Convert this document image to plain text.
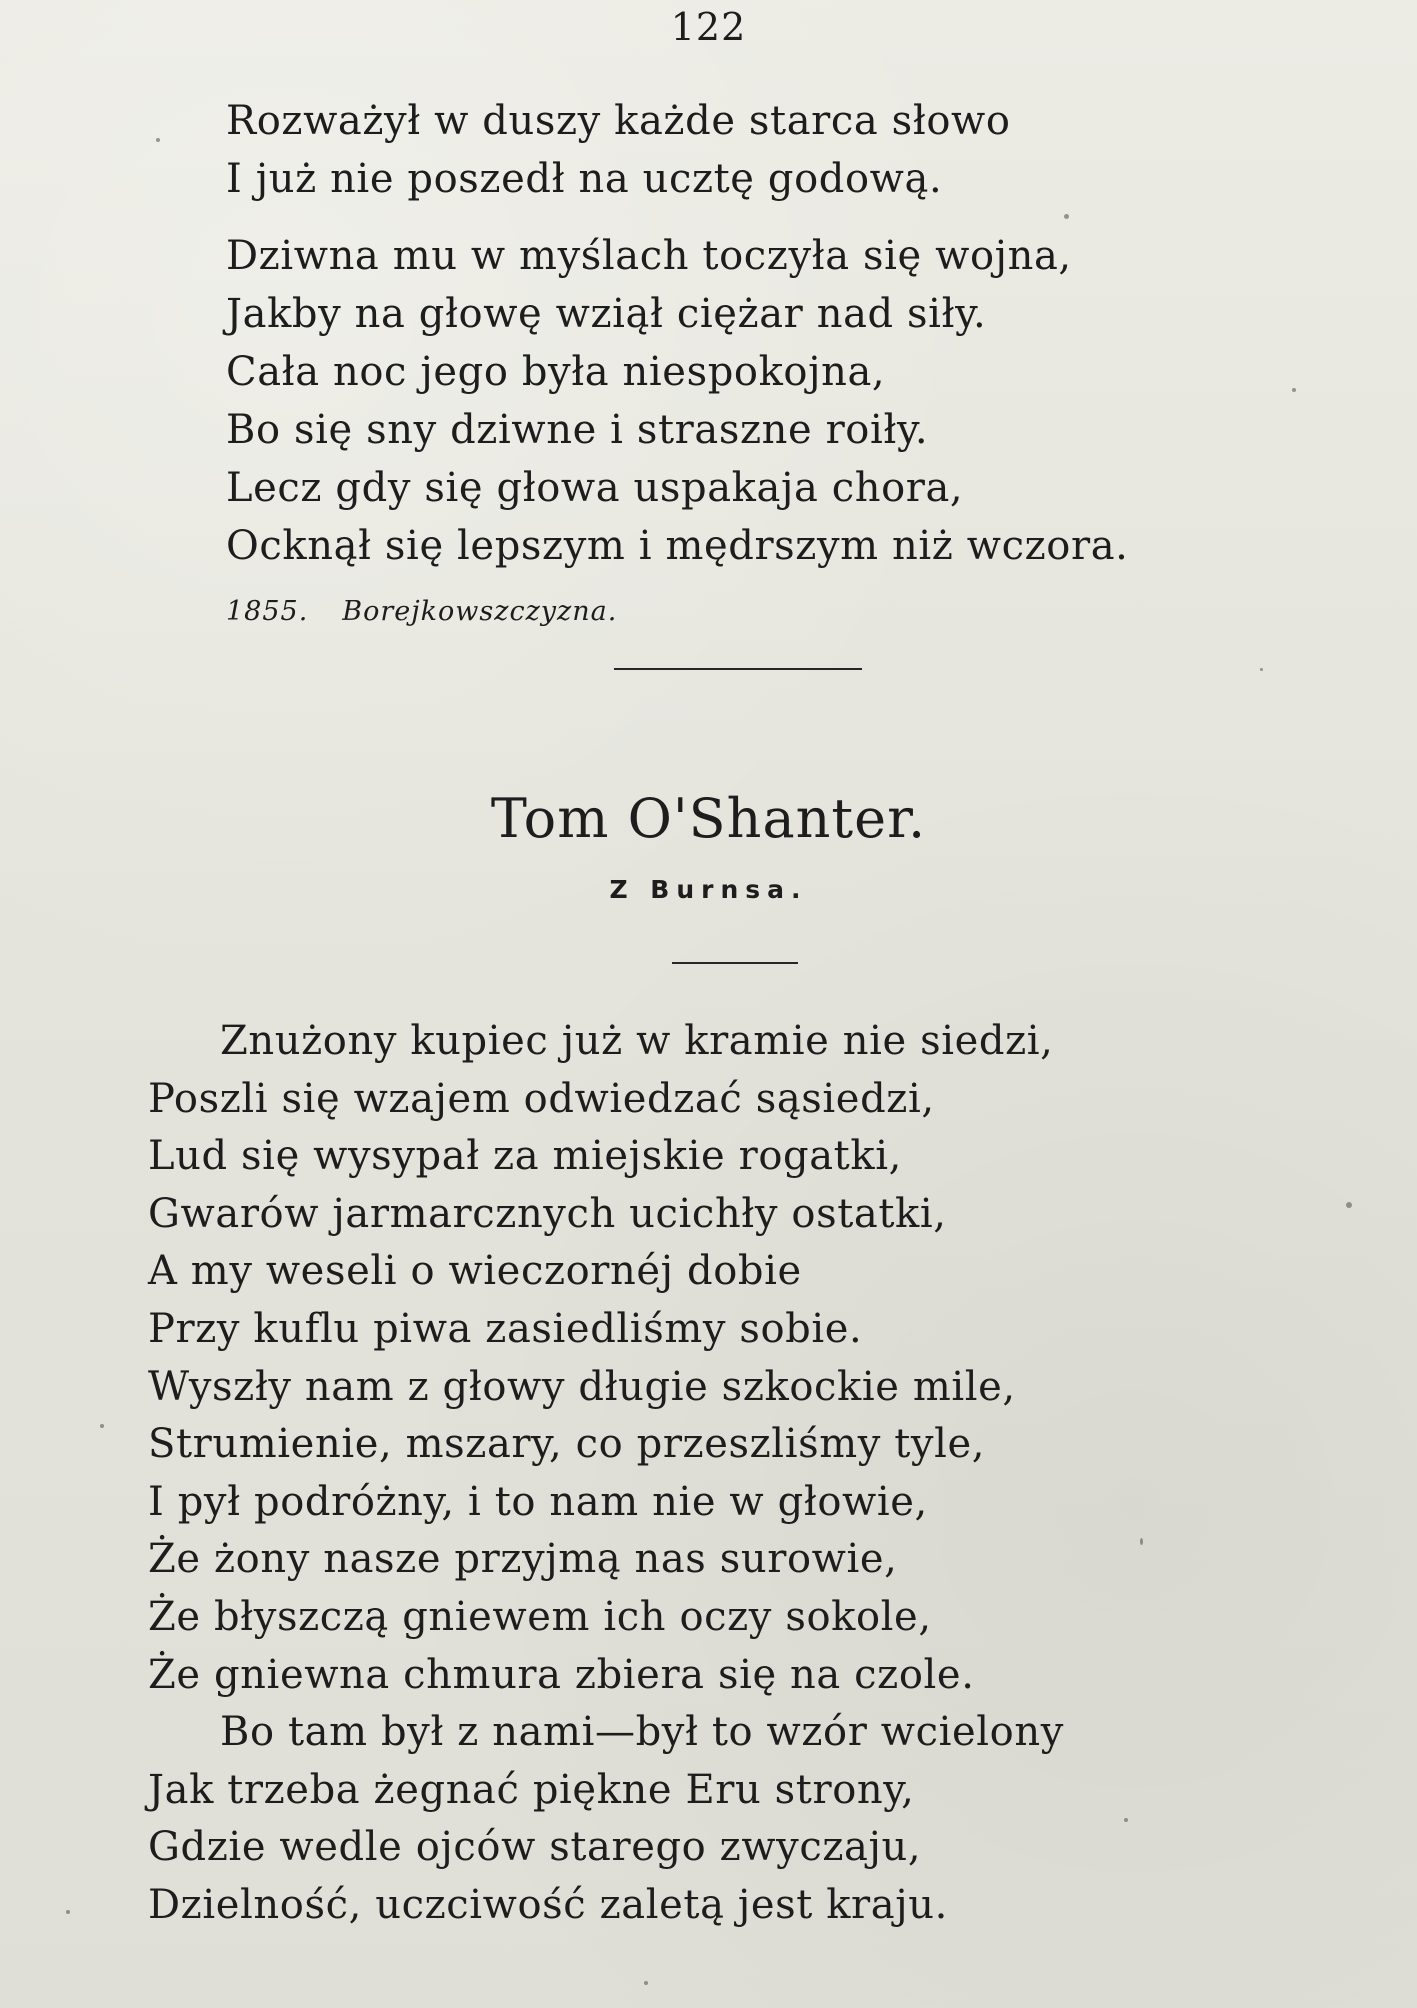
122
Rozważył w duszy każde starca słowo
I już nie poszedł na ucztę godową.
Dziwna mu w myślach toczyła się wojna,
Jakby na głowę wziął ciężar nad siły.
Cała noc jego była niespokojna,
Bo się sny dziwne i straszne roiły.
Lecz gdy się głowa uspakaja chora,
Ocknął się lepszym i mędrszym niż wczora.
1855. Borejkowszczyzna.
Tom O'Shanter.
Z Burnsa.
Znużony kupiec już w kramie nie siedzi,
Poszli się wzajem odwiedzać sąsiedzi,
Lud się wysypał za miejskie rogatki,
Gwarów jarmarcznych ucichły ostatki,
A my weseli o wieczornéj dobie
Przy kuflu piwa zasiedliśmy sobie.
Wyszły nam z głowy długie szkockie mile,
Strumienie, mszary, co przeszliśmy tyle,
I pył podróżny, i to nam nie w głowie,
Że żony nasze przyjmą nas surowie,
Że błyszczą gniewem ich oczy sokole,
Że gniewna chmura zbiera się na czole.
Bo tam był z nami—był to wzór wcielony
Jak trzeba żegnać piękne Eru strony,
Gdzie wedle ojców starego zwyczaju,
Dzielność, uczciwość zaletą jest kraju.
